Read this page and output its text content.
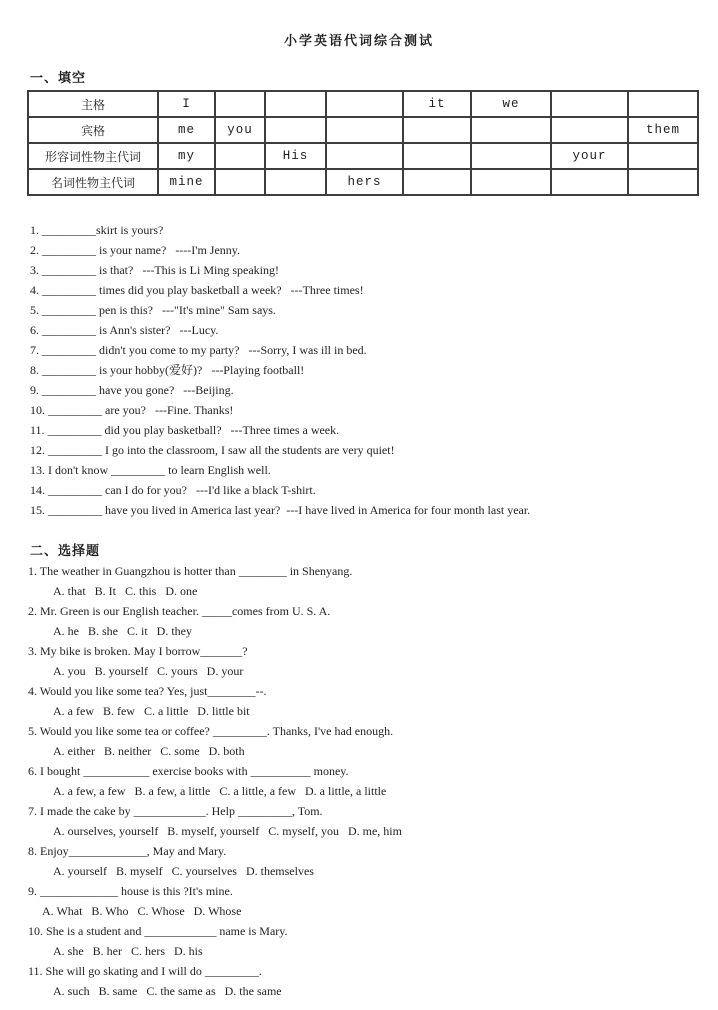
小学英语代词综合测试
一、填空
主格	I				it	we		
宾格	me	you						them
形容词性物主代词	my		His				your	
名词性物主代词	mine			hers				
1. _________skirt is yours?
2. _________ is your name?   ----I'm Jenny.
3. _________ is that?   ---This is Li Ming speaking!
4. _________ times did you play basketball a week?   ---Three times!
5. _________ pen is this?   ---"It's mine" Sam says.
6. _________ is Ann's sister?   ---Lucy.
7. _________ didn't you come to my party?   ---Sorry, I was ill in bed.
8. _________ is your hobby(爱好)?   ---Playing football!
9. _________ have you gone?   ---Beijing.
10. _________ are you?   ---Fine. Thanks!
11. _________ did you play basketball?   ---Three times a week.
12. _________ I go into the classroom, I saw all the students are very quiet!
13. I don't know _________ to learn English well.
14. _________ can I do for you?   ---I'd like a black T-shirt.
15. _________ have you lived in America last year?  ---I have lived in America for four month last year.
二、选择题
1. The weather in Guangzhou is hotter than ________ in Shenyang.
A. that   B. It   C. this   D. one
2. Mr. Green is our English teacher. _____comes from U. S. A.
A. he   B. she   C. it   D. they
3. My bike is broken. May I borrow_______?
A. you   B. yourself   C. yours   D. your
4. Would you like some tea? Yes, just________--.
A. a few   B. few   C. a little   D. little bit
5. Would you like some tea or coffee? _________. Thanks, I've had enough.
A. either   B. neither   C. some   D. both
6. I bought ___________ exercise books with __________ money.
A. a few, a few   B. a few, a little   C. a little, a few   D. a little, a little
7. I made the cake by ____________. Help _________, Tom.
A. ourselves, yourself   B. myself, yourself   C. myself, you   D. me, him
8. Enjoy_____________, May and Mary.
A. yourself   B. myself   C. yourselves   D. themselves
9. _____________ house is this ?It's mine.
A. What   B. Who   C. Whose   D. Whose
10. She is a student and ____________ name is Mary.
A. she   B. her   C. hers   D. his
11. She will go skating and I will do _________.
A. such   B. same   C. the same as   D. the same
